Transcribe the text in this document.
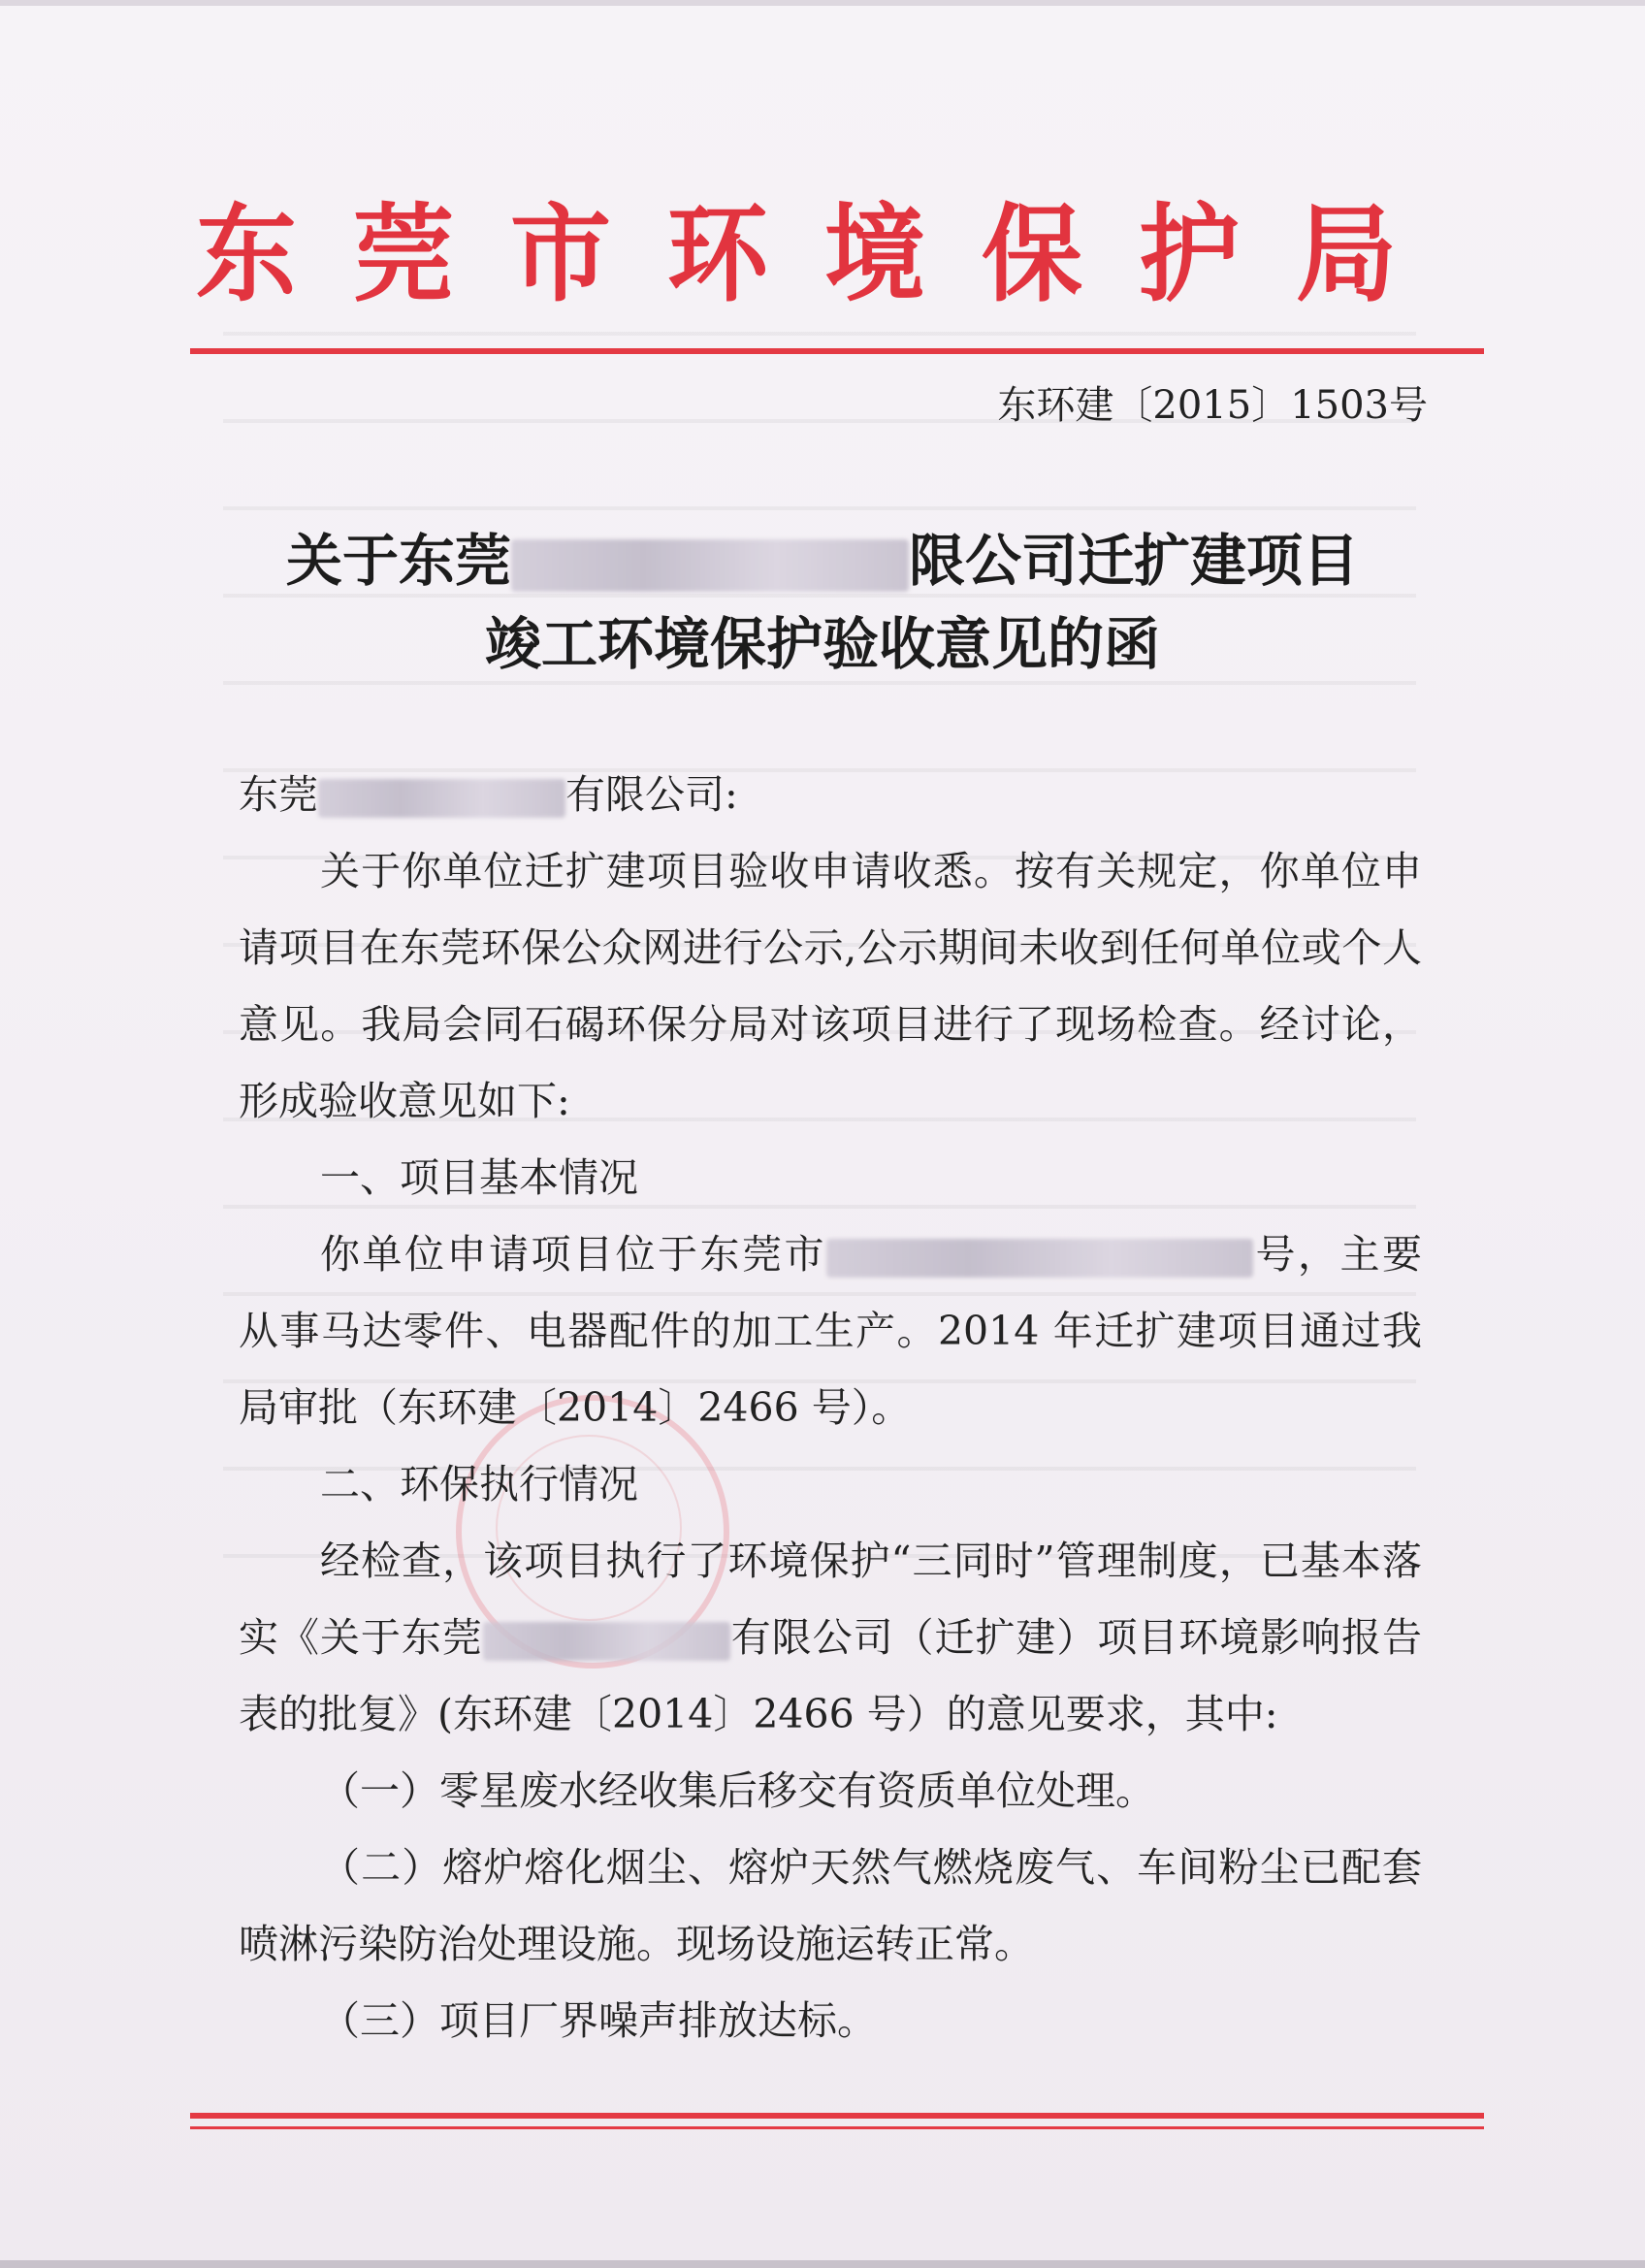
东莞市环境保护局
东环建〔2015〕1503号
关于东莞	限公司迁扩建项目
竣工环境保护验收意见的函

东莞	有限公司:

关于你单位迁扩建项目验收申请收悉。按有关规定，你单位申请项目在东莞环保公众网进行公示,公示期间未收到任何单位或个人意见。我局会同石碣环保分局对该项目进行了现场检查。经讨论，形成验收意见如下:

一、项目基本情况

你单位申请项目位于东莞市	号，主要从事马达零件、电器配件的加工生产。2014 年迁扩建项目通过我局审批（东环建〔2014〕2466 号）。

二、环保执行情况

经检查，该项目执行了环境保护“三同时”管理制度，已基本落实《关于东莞	有限公司（迁扩建）项目环境影响报告表的批复》(东环建〔2014〕2466 号）的意见要求，其中:

（一）零星废水经收集后移交有资质单位处理。

（二）熔炉熔化烟尘、熔炉天然气燃烧废气、车间粉尘已配套喷淋污染防治处理设施。现场设施运转正常。

（三）项目厂界噪声排放达标。
